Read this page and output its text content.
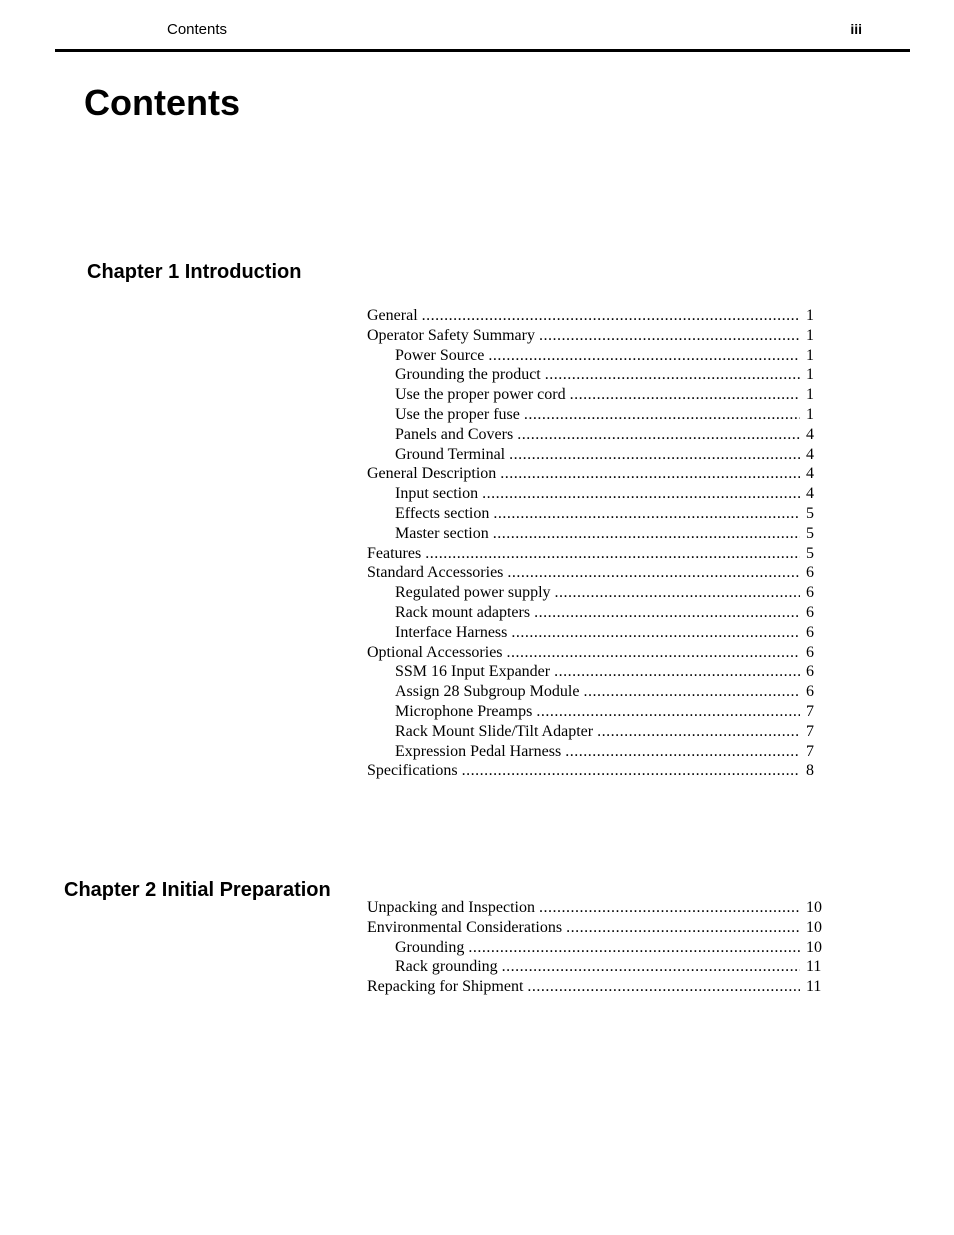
Contents	iii
Contents
Chapter 1 Introduction
General .....	1
Operator Safety Summary .....	1
Power Source .....	1
Grounding the product .....	1
Use the proper power cord .....	1
Use the proper fuse .....	1
Panels and Covers .....	4
Ground Terminal .....	4
General Description .....	4
Input section .....	4
Effects section .....	5
Master section .....	5
Features .....	5
Standard Accessories .....	6
Regulated power supply .....	6
Rack mount adapters .....	6
Interface Harness .....	6
Optional Accessories .....	6
SSM 16 Input Expander .....	6
Assign 28 Subgroup Module .....	6
Microphone Preamps .....	7
Rack Mount Slide/Tilt Adapter .....	7
Expression Pedal Harness .....	7
Specifications .....	8
Chapter 2 Initial Preparation
Unpacking and Inspection .....	10
Environmental Considerations .....	10
Grounding .....	10
Rack grounding .....	11
Repacking for Shipment .....	11
